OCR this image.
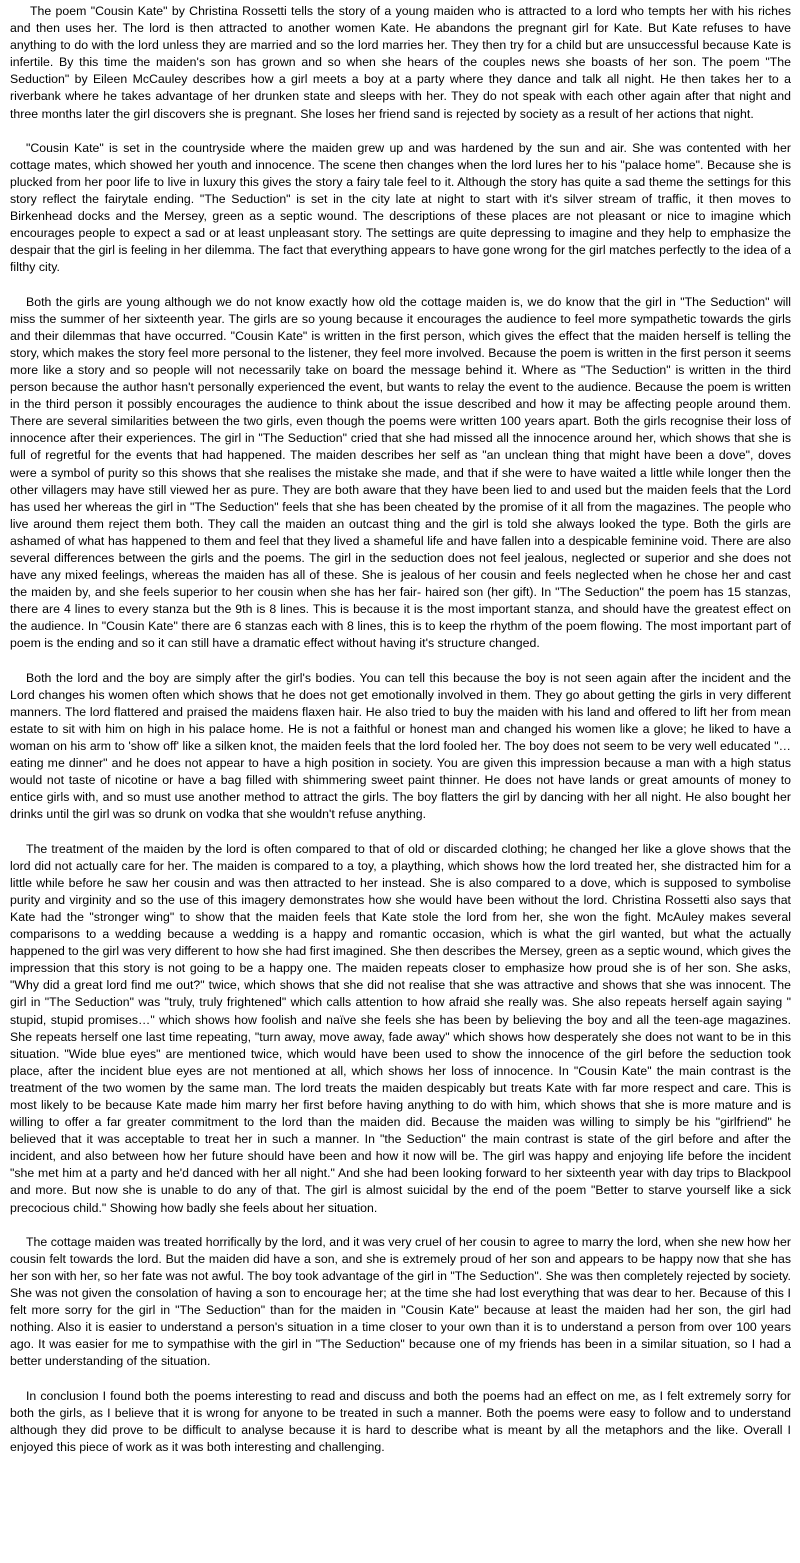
The poem "Cousin Kate" by Christina Rossetti tells the story of a young maiden who is attracted to a lord who tempts her with his riches and then uses her. The lord is then attracted to another women Kate. He abandons the pregnant girl for Kate. But Kate refuses to have anything to do with the lord unless they are married and so the lord marries her. They then try for a child but are unsuccessful because Kate is infertile. By this time the maiden's son has grown and so when she hears of the couples news she boasts of her son. The poem "The Seduction" by Eileen McCauley describes how a girl meets a boy at a party where they dance and talk all night. He then takes her to a riverbank where he takes advantage of her drunken state and sleeps with her. They do not speak with each other again after that night and three months later the girl discovers she is pregnant. She loses her friend sand is rejected by society as a result of her actions that night.

"Cousin Kate" is set in the countryside where the maiden grew up and was hardened by the sun and air. She was contented with her cottage mates, which showed her youth and innocence. The scene then changes when the lord lures her to his "palace home". Because she is plucked from her poor life to live in luxury this gives the story a fairy tale feel to it. Although the story has quite a sad theme the settings for this story reflect the fairytale ending. "The Seduction" is set in the city late at night to start with it's silver stream of traffic, it then moves to Birkenhead docks and the Mersey, green as a septic wound. The descriptions of these places are not pleasant or nice to imagine which encourages people to expect a sad or at least unpleasant story. The settings are quite depressing to imagine and they help to emphasize the despair that the girl is feeling in her dilemma. The fact that everything appears to have gone wrong for the girl matches perfectly to the idea of a filthy city.

Both the girls are young although we do not know exactly how old the cottage maiden is, we do know that the girl in "The Seduction" will miss the summer of her sixteenth year. The girls are so young because it encourages the audience to feel more sympathetic towards the girls and their dilemmas that have occurred. "Cousin Kate" is written in the first person, which gives the effect that the maiden herself is telling the story, which makes the story feel more personal to the listener, they feel more involved. Because the poem is written in the first person it seems more like a story and so people will not necessarily take on board the message behind it. Where as "The Seduction" is written in the third person because the author hasn't personally experienced the event, but wants to relay the event to the audience. Because the poem is written in the third person it possibly encourages the audience to think about the issue described and how it may be affecting people around them. There are several similarities between the two girls, even though the poems were written 100 years apart. Both the girls recognise their loss of innocence after their experiences. The girl in "The Seduction" cried that she had missed all the innocence around her, which shows that she is full of regretful for the events that had happened. The maiden describes her self as "an unclean thing that might have been a dove", doves were a symbol of purity so this shows that she realises the mistake she made, and that if she were to have waited a little while longer then the other villagers may have still viewed her as pure. They are both aware that they have been lied to and used but the maiden feels that the Lord has used her whereas the girl in "The Seduction" feels that she has been cheated by the promise of it all from the magazines. The people who live around them reject them both. They call the maiden an outcast thing and the girl is told she always looked the type. Both the girls are ashamed of what has happened to them and feel that they lived a shameful life and have fallen into a despicable feminine void. There are also several differences between the girls and the poems. The girl in the seduction does not feel jealous, neglected or superior and she does not have any mixed feelings, whereas the maiden has all of these. She is jealous of her cousin and feels neglected when he chose her and cast the maiden by, and she feels superior to her cousin when she has her fair- haired son (her gift). In "The Seduction" the poem has 15 stanzas, there are 4 lines to every stanza but the 9th is 8 lines. This is because it is the most important stanza, and should have the greatest effect on the audience. In "Cousin Kate" there are 6 stanzas each with 8 lines, this is to keep the rhythm of the poem flowing. The most important part of poem is the ending and so it can still have a dramatic effect without having it's structure changed.

Both the lord and the boy are simply after the girl's bodies. You can tell this because the boy is not seen again after the incident and the Lord changes his women often which shows that he does not get emotionally involved in them. They go about getting the girls in very different manners. The lord flattered and praised the maidens flaxen hair. He also tried to buy the maiden with his land and offered to lift her from mean estate to sit with him on high in his palace home. He is not a faithful or honest man and changed his women like a glove; he liked to have a woman on his arm to 'show off' like a silken knot, the maiden feels that the lord fooled her. The boy does not seem to be very well educated "…eating me dinner" and he does not appear to have a high position in society. You are given this impression because a man with a high status would not taste of nicotine or have a bag filled with shimmering sweet paint thinner. He does not have lands or great amounts of money to entice girls with, and so must use another method to attract the girls. The boy flatters the girl by dancing with her all night. He also bought her drinks until the girl was so drunk on vodka that she wouldn't refuse anything.

The treatment of the maiden by the lord is often compared to that of old or discarded clothing; he changed her like a glove shows that the lord did not actually care for her. The maiden is compared to a toy, a plaything, which shows how the lord treated her, she distracted him for a little while before he saw her cousin and was then attracted to her instead. She is also compared to a dove, which is supposed to symbolise purity and virginity and so the use of this imagery demonstrates how she would have been without the lord. Christina Rossetti also says that Kate had the "stronger wing" to show that the maiden feels that Kate stole the lord from her, she won the fight. McAuley makes several comparisons to a wedding because a wedding is a happy and romantic occasion, which is what the girl wanted, but what the actually happened to the girl was very different to how she had first imagined. She then describes the Mersey, green as a septic wound, which gives the impression that this story is not going to be a happy one. The maiden repeats closer to emphasize how proud she is of her son. She asks, "Why did a great lord find me out?" twice, which shows that she did not realise that she was attractive and shows that she was innocent. The girl in "The Seduction" was "truly, truly frightened" which calls attention to how afraid she really was. She also repeats herself again saying " stupid, stupid promises…" which shows how foolish and naïve she feels she has been by believing the boy and all the teen-age magazines. She repeats herself one last time repeating, "turn away, move away, fade away" which shows how desperately she does not want to be in this situation. "Wide blue eyes" are mentioned twice, which would have been used to show the innocence of the girl before the seduction took place, after the incident blue eyes are not mentioned at all, which shows her loss of innocence. In "Cousin Kate" the main contrast is the treatment of the two women by the same man. The lord treats the maiden despicably but treats Kate with far more respect and care. This is most likely to be because Kate made him marry her first before having anything to do with him, which shows that she is more mature and is willing to offer a far greater commitment to the lord than the maiden did. Because the maiden was willing to simply be his "girlfriend" he believed that it was acceptable to treat her in such a manner. In "the Seduction" the main contrast is state of the girl before and after the incident, and also between how her future should have been and how it now will be. The girl was happy and enjoying life before the incident "she met him at a party and he'd danced with her all night." And she had been looking forward to her sixteenth year with day trips to Blackpool and more. But now she is unable to do any of that. The girl is almost suicidal by the end of the poem "Better to starve yourself like a sick precocious child." Showing how badly she feels about her situation.

The cottage maiden was treated horrifically by the lord, and it was very cruel of her cousin to agree to marry the lord, when she new how her cousin felt towards the lord. But the maiden did have a son, and she is extremely proud of her son and appears to be happy now that she has her son with her, so her fate was not awful. The boy took advantage of the girl in "The Seduction". She was then completely rejected by society. She was not given the consolation of having a son to encourage her; at the time she had lost everything that was dear to her. Because of this I felt more sorry for the girl in "The Seduction" than for the maiden in "Cousin Kate" because at least the maiden had her son, the girl had nothing. Also it is easier to understand a person's situation in a time closer to your own than it is to understand a person from over 100 years ago. It was easier for me to sympathise with the girl in "The Seduction" because one of my friends has been in a similar situation, so I had a better understanding of the situation.

In conclusion I found both the poems interesting to read and discuss and both the poems had an effect on me, as I felt extremely sorry for both the girls, as I believe that it is wrong for anyone to be treated in such a manner. Both the poems were easy to follow and to understand although they did prove to be difficult to analyse because it is hard to describe what is meant by all the metaphors and the like. Overall I enjoyed this piece of work as it was both interesting and challenging.
